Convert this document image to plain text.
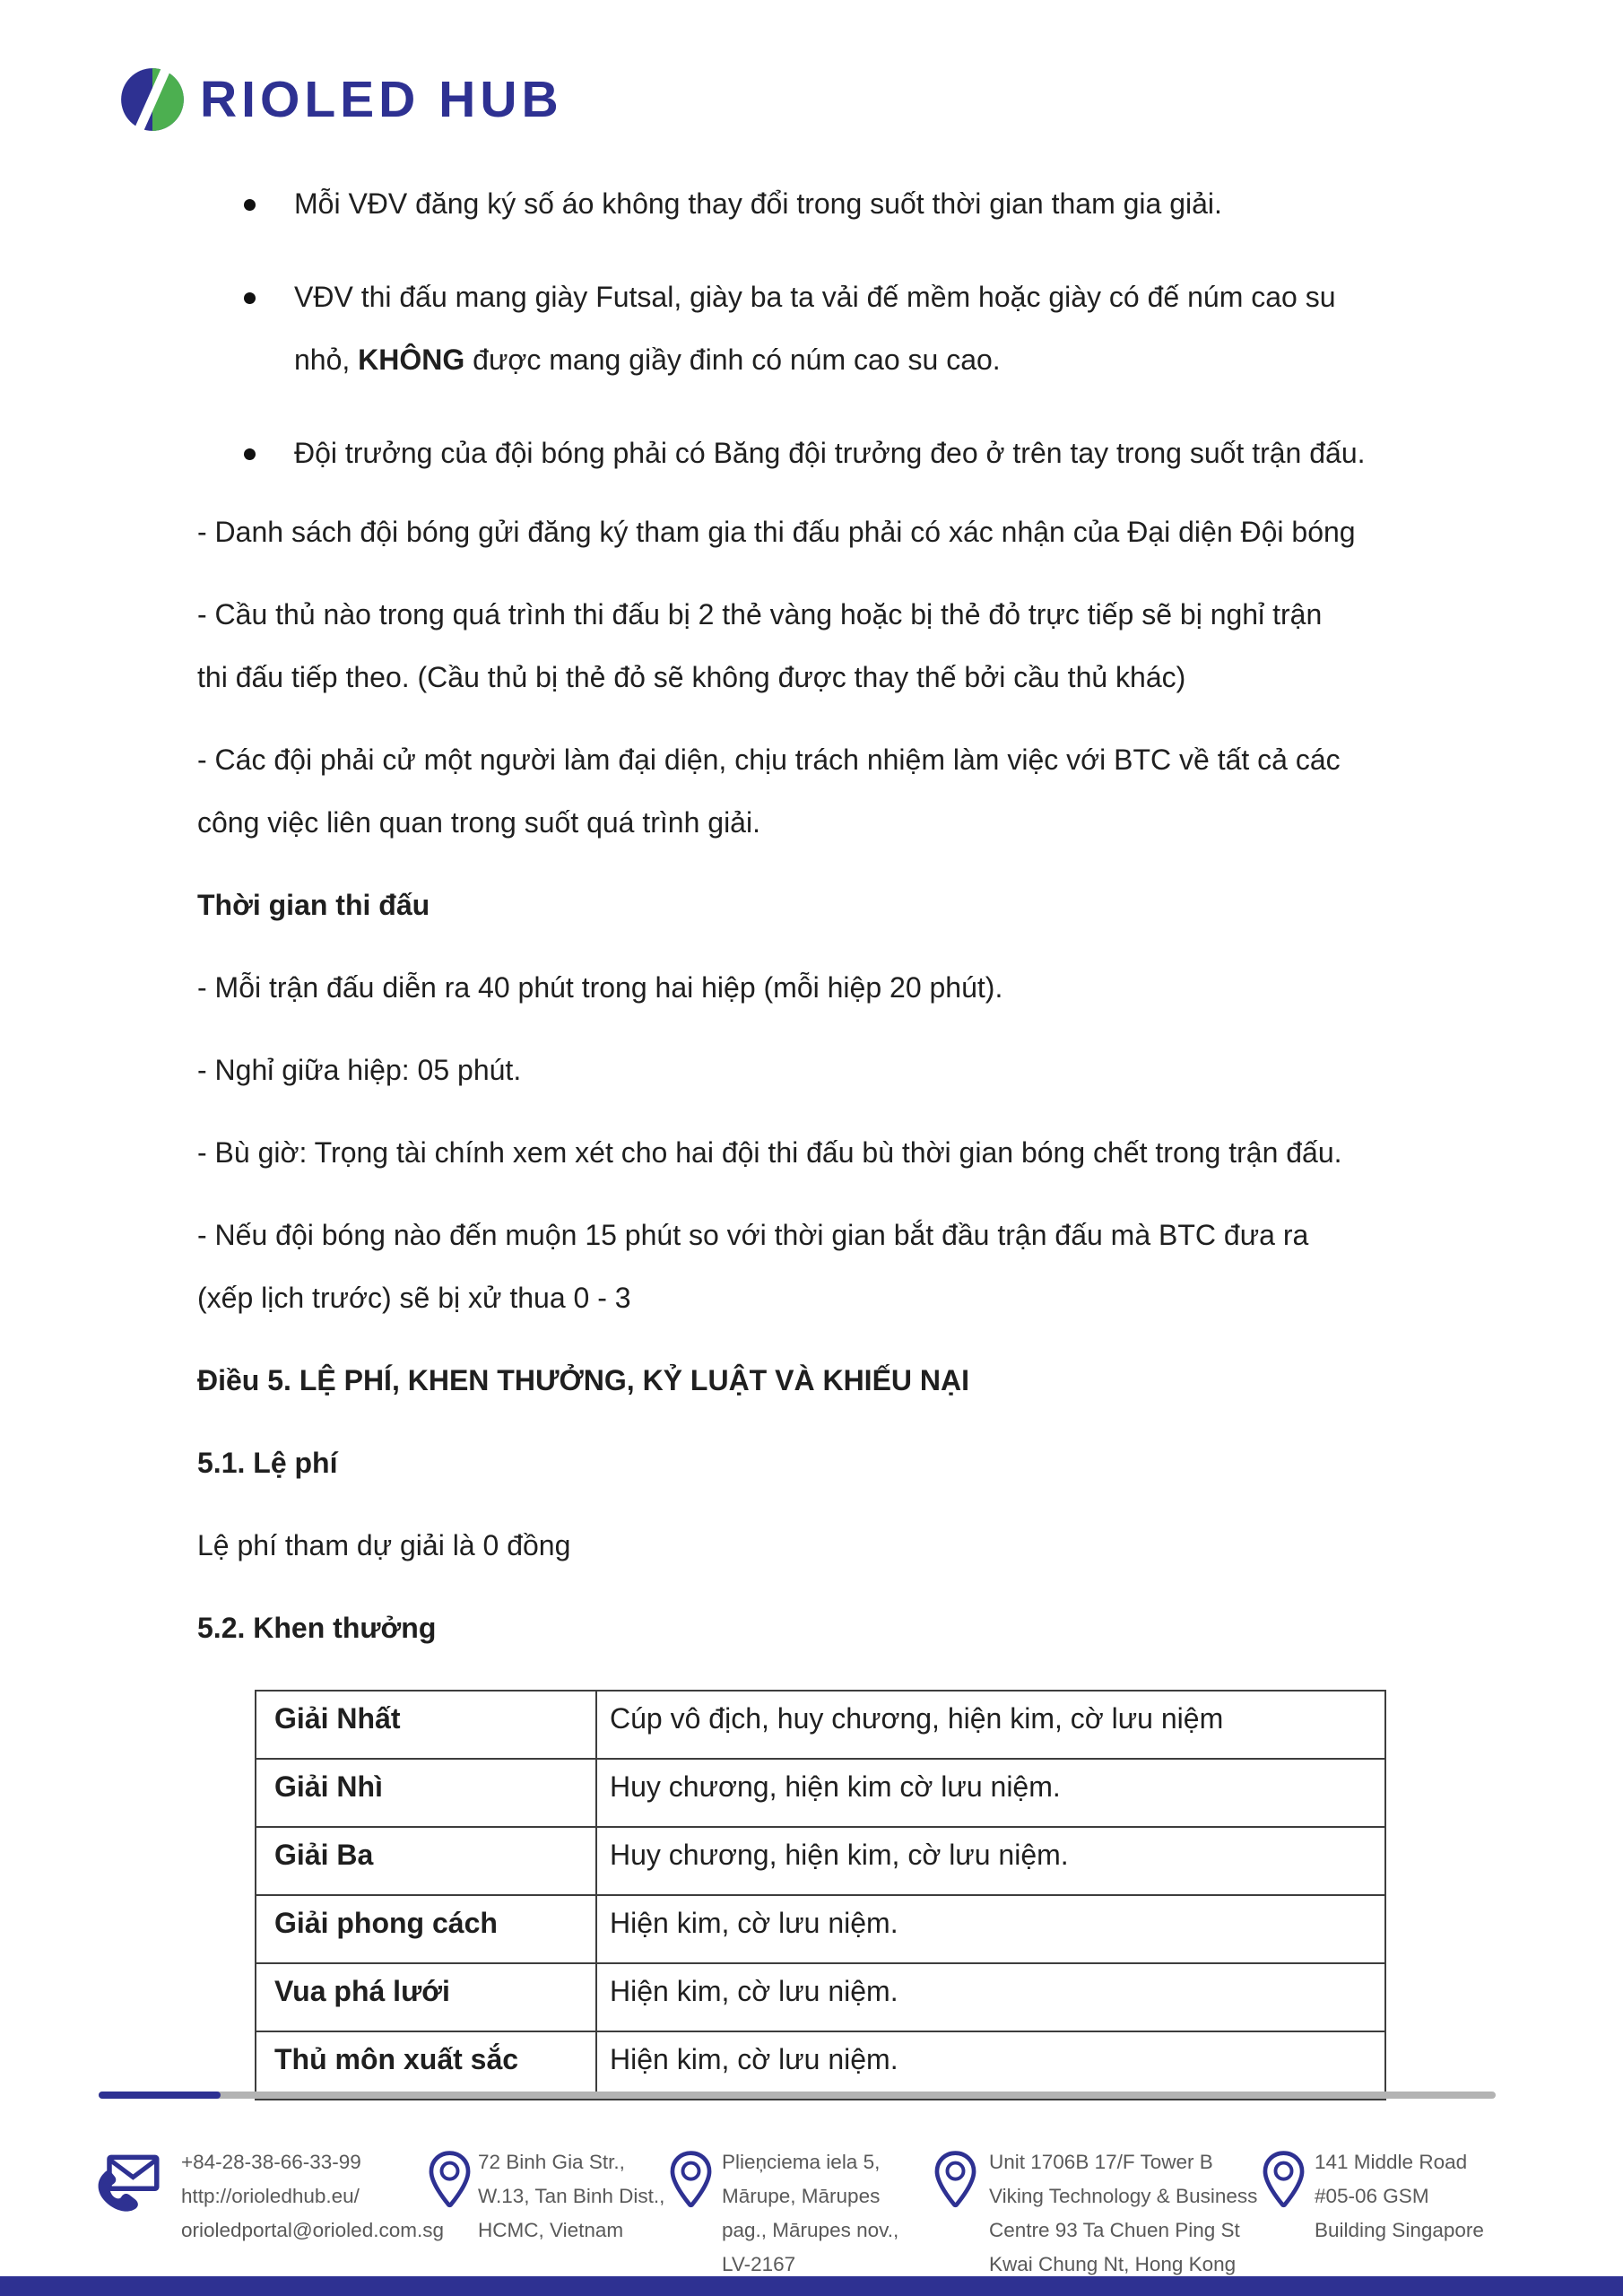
RIOLED HUB
Mỗi VĐV đăng ký số áo không thay đổi trong suốt thời gian tham gia giải.
VĐV thi đấu mang giày Futsal, giày ba ta vải đế mềm hoặc giày có đế núm cao su
nhỏ, KHÔNG được mang giầy đinh có núm cao su cao.
Đội trưởng của đội bóng phải có Băng đội trưởng đeo ở trên tay trong suốt trận đấu.
- Danh sách đội bóng gửi đăng ký tham gia thi đấu phải có xác nhận của Đại diện Đội bóng
- Cầu thủ nào trong quá trình thi đấu bị 2 thẻ vàng hoặc bị thẻ đỏ trực tiếp sẽ bị nghỉ trận
thi đấu tiếp theo. (Cầu thủ bị thẻ đỏ sẽ không được thay thế bởi cầu thủ khác)
- Các đội phải cử một người làm đại diện, chịu trách nhiệm làm việc với BTC về tất cả các
công việc liên quan trong suốt quá trình giải.
Thời gian thi đấu
- Mỗi trận đấu diễn ra 40 phút trong hai hiệp (mỗi hiệp 20 phút).
- Nghỉ giữa hiệp: 05 phút.
- Bù giờ: Trọng tài chính xem xét cho hai đội thi đấu bù thời gian bóng chết trong trận đấu.
- Nếu đội bóng nào đến muộn 15 phút so với thời gian bắt đầu trận đấu mà BTC đưa ra
(xếp lịch trước) sẽ bị xử thua 0 - 3
Điều 5. LỆ PHÍ, KHEN THƯỞNG, KỶ LUẬT VÀ KHIẾU NẠI
5.1. Lệ phí
Lệ phí tham dự giải là 0 đồng
5.2. Khen thưởng
Giải Nhất	Cúp vô địch, huy chương, hiện kim, cờ lưu niệm
Giải Nhì	Huy chương, hiện kim cờ lưu niệm.
Giải Ba	Huy chương, hiện kim, cờ lưu niệm.
Giải phong cách	Hiện kim, cờ lưu niệm.
Vua phá lưới	Hiện kim, cờ lưu niệm.
Thủ môn xuất sắc	Hiện kim, cờ lưu niệm.
+84-28-38-66-33-99
http://orioledhub.eu/
orioledportal@orioled.com.sg
72 Binh Gia Str.,
W.13, Tan Binh Dist.,
HCMC, Vietnam
Plieņciema iela 5,
Mārupe, Mārupes
pag., Mārupes nov.,
LV-2167
Unit 1706B 17/F Tower B
Viking Technology & Business
Centre 93 Ta Chuen Ping St
Kwai Chung Nt, Hong Kong
141 Middle Road
#05-06 GSM
Building Singapore
